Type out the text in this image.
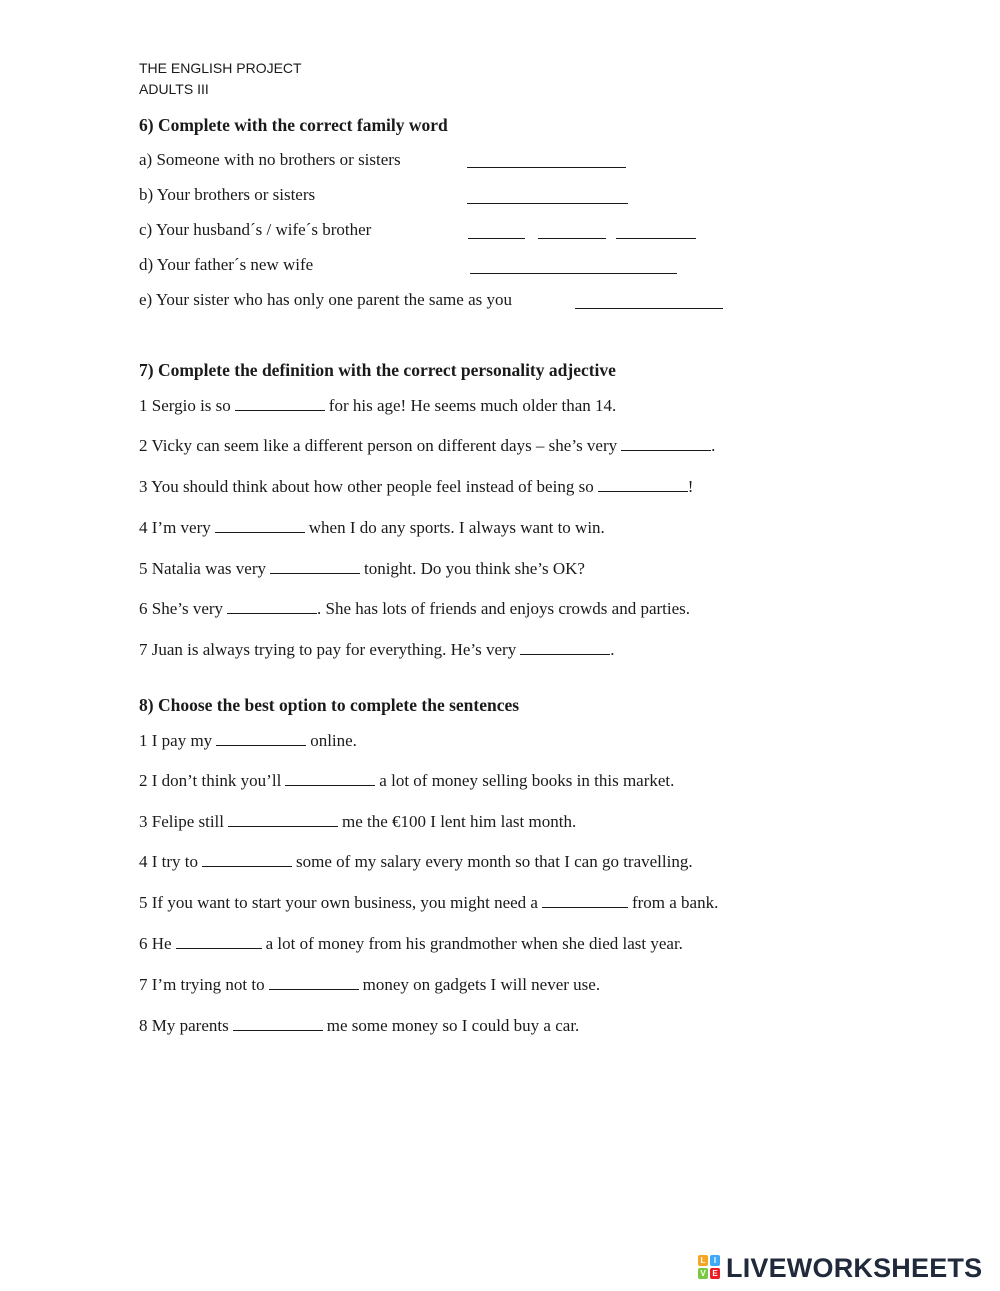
THE ENGLISH PROJECT
ADULTS III
6) Complete with the correct family word
a) Someone with no brothers or sisters
b) Your brothers or sisters
c) Your husband´s / wife´s brother
d) Your father´s new wife
e) Your sister who has only one parent the same as you
7) Complete the definition with the correct personality adjective
1 Sergio is so	for his age! He seems much older than 14.
2 Vicky can seem like a different person on different days – she’s very	.
3 You should think about how other people feel instead of being so	!
4 I’m very	when I do any sports. I always want to win.
5 Natalia was very	tonight. Do you think she’s OK?
6 She’s very	. She has lots of friends and enjoys crowds and parties.
7 Juan is always trying to pay for everything. He’s very	.
8) Choose the best option to complete the sentences
1 I pay my	online.
2 I don’t think you’ll	a lot of money selling books in this market.
3 Felipe still	me the €100 I lent him last month.
4 I try to	some of my salary every month so that I can go travelling.
5 If you want to start your own business, you might need a	from a bank.
6 He	a lot of money from his grandmother when she died last year.
7 I’m trying not to	money on gadgets I will never use.
8 My parents	me some money so I could buy a car.
L	I
V E LIVEWORKSHEETS
